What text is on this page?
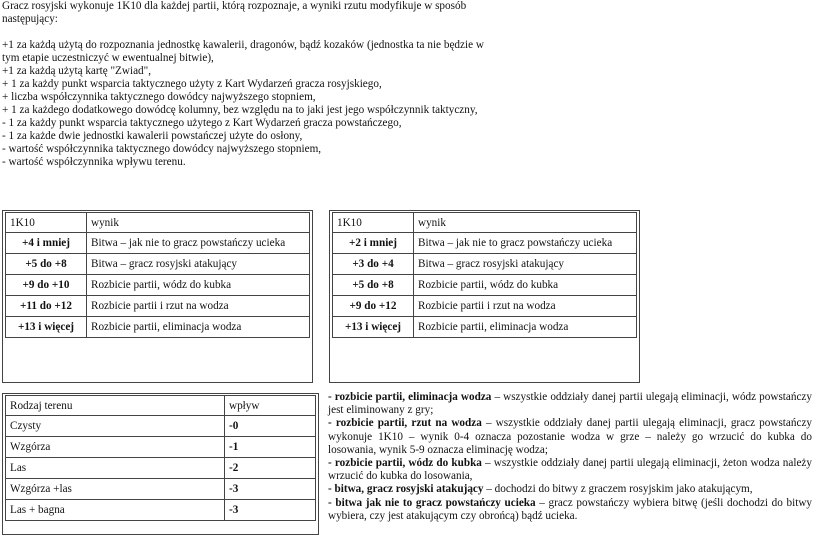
Gracz rosyjski wykonuje 1K10 dla każdej partii, którą rozpoznaje, a wyniki rzutu modyfikuje w sposób następujący:

+1 za każdą użytą do rozpoznania jednostkę kawalerii, dragonów, bądź kozaków (jednostka ta nie będzie w tym etapie uczestniczyć w ewentualnej bitwie),

+1 za każdą użytą kartę "Zwiad",

+ 1 za każdy punkt wsparcia taktycznego użyty z Kart Wydarzeń gracza rosyjskiego,

+ liczba współczynnika taktycznego dowódcy najwyższego stopniem,

+ 1 za każdego dodatkowego dowódcę kolumny, bez względu na to jaki jest jego współczynnik taktyczny,

- 1 za każdy punkt wsparcia taktycznego użytego z Kart Wydarzeń gracza powstańczego,

- 1 za każde dwie jednostki kawalerii powstańczej użyte do osłony,

- wartość współczynnika taktycznego dowódcy najwyższego stopniem,

- wartość współczynnika wpływu terenu.

1K10	wynik
+4 i mniej	Bitwa – jak nie to gracz powstańczy ucieka
+5 do +8	Bitwa – gracz rosyjski atakujący
+9 do +10	Rozbicie partii, wódz do kubka
+11 do +12	Rozbicie partii i rzut na wodza
+13 i więcej	Rozbicie partii, eliminacja wodza
1K10	wynik
+2 i mniej	Bitwa – jak nie to gracz powstańczy ucieka
+3 do +4	Bitwa – gracz rosyjski atakujący
+5 do +8	Rozbicie partii, wódz do kubka
+9 do +12	Rozbicie partii i rzut na wodza
+13 i więcej	Rozbicie partii, eliminacja wodza
Rodzaj terenu	wpływ
Czysty	-0
Wzgórza	-1
Las	-2
Wzgórza +las	-3
Las + bagna	-3

- rozbicie partii, eliminacja wodza – wszystkie oddziały danej partii ulegają eliminacji, wódz powstańczy jest eliminowany z gry;

- rozbicie partii, rzut na wodza – wszystkie oddziały danej partii ulegają eliminacji, gracz powstańczy wykonuje 1K10 – wynik 0-4 oznacza pozostanie wodza w grze – należy go wrzucić do kubka do losowania, wynik 5-9 oznacza eliminację wodza;

- rozbicie partii, wódz do kubka – wszystkie oddziały danej partii ulegają eliminacji, żeton wodza należy wrzucić do kubka do losowania,

- bitwa, gracz rosyjski atakujący – dochodzi do bitwy z graczem rosyjskim jako atakującym,

- bitwa jak nie to gracz powstańczy ucieka – gracz powstańczy wybiera bitwę (jeśli dochodzi do bitwy wybiera, czy jest atakującym czy obrońcą) bądź ucieka.
